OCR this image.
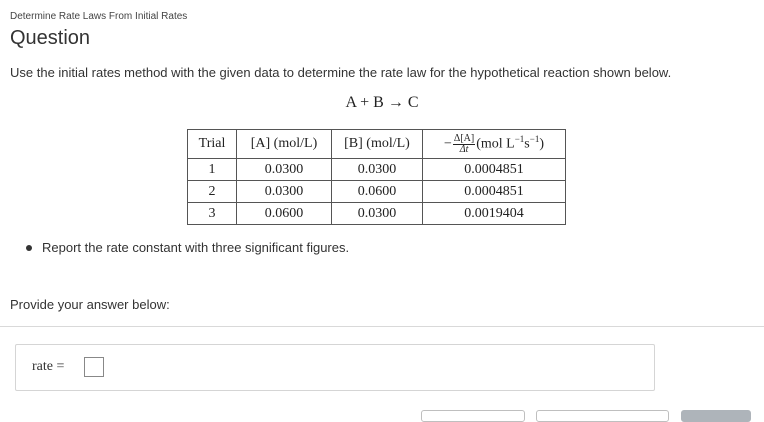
Determine Rate Laws From Initial Rates
Question
Use the initial rates method with the given data to determine the rate law for the hypothetical reaction shown below.
A + B → C
Trial	[A] (mol/L)	[B] (mol/L)	− $\frac{\Delta[A]}{\Delta t} (mol$ $L^{-1}s^{-1}$)
1	0.0300	0.0300	0.0004851
2	0.0300	0.0600	0.0004851
3	0.0600	0.0300	0.0019404
Report the rate constant with three significant figures.
Provide your answer below:
rate =
